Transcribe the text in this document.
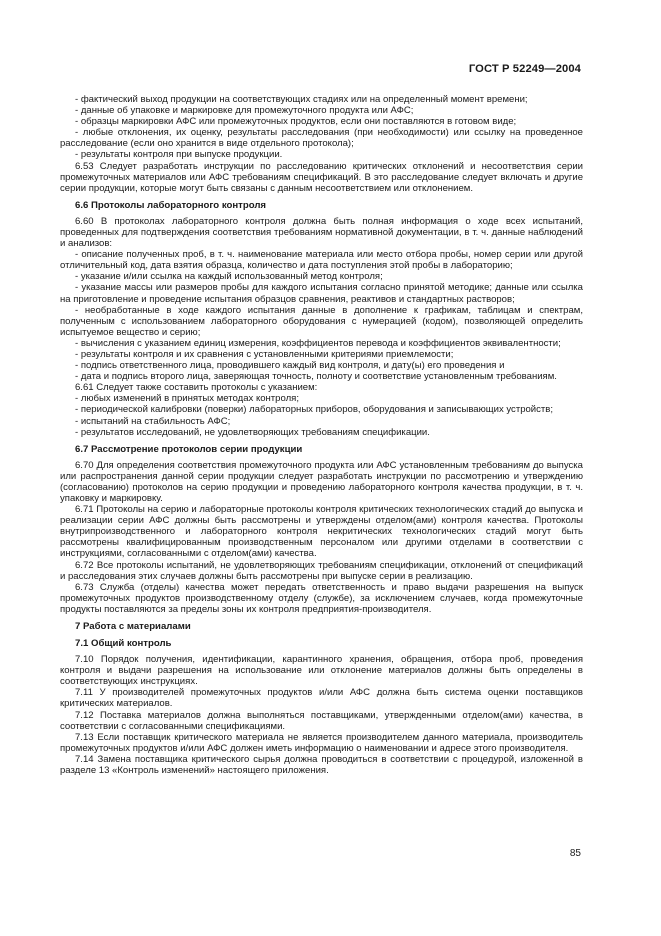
ГОСТ Р 52249—2004

- фактический выход продукции на соответствующих стадиях или на определенный момент времени;

- данные об упаковке и маркировке для промежуточного продукта или АФС;

- образцы маркировки АФС или промежуточных продуктов, если они поставляются в готовом виде;

- любые отклонения, их оценку, результаты расследования (при необходимости) или ссылку на проведенное расследование (если оно хранится в виде отдельного протокола);

- результаты контроля при выпуске продукции.

6.53 Следует разработать инструкции по расследованию критических отклонений и несоответствия серии промежуточных материалов или АФС требованиям спецификаций. В это расследование следует включать и другие серии продукции, которые могут быть связаны с данным несоответствием или отклонением.

6.6 Протоколы лабораторного контроля

6.60 В протоколах лабораторного контроля должна быть полная информация о ходе всех испытаний, проведенных для подтверждения соответствия требованиям нормативной документации, в т. ч. данные наблюдений и анализов:

- описание полученных проб, в т. ч. наименование материала или место отбора пробы, номер серии или другой отличительный код, дата взятия образца, количество и дата поступления этой пробы в лабораторию;

- указание и/или ссылка на каждый использованный метод контроля;

- указание массы или размеров пробы для каждого испытания согласно принятой методике; данные или ссылка на приготовление и проведение испытания образцов сравнения, реактивов и стандартных растворов;

- необработанные в ходе каждого испытания данные в дополнение к графикам, таблицам и спектрам, полученным с использованием лабораторного оборудования с нумерацией (кодом), позволяющей определить испытуемое вещество и серию;

- вычисления с указанием единиц измерения, коэффициентов перевода и коэффициентов эквивалентности;

- результаты контроля и их сравнения с установленными критериями приемлемости;

- подпись ответственного лица, проводившего каждый вид контроля, и дату(ы) его проведения и

- дата и подпись второго лица, заверяющая точность, полноту и соответствие установленным требованиям.

6.61 Следует также составить протоколы с указанием:

- любых изменений в принятых методах контроля;

- периодической калибровки (поверки) лабораторных приборов, оборудования и записывающих устройств;

- испытаний на стабильность АФС;

- результатов исследований, не удовлетворяющих требованиям спецификации.

6.7 Рассмотрение протоколов серии продукции

6.70 Для определения соответствия промежуточного продукта или АФС установленным требованиям до выпуска или распространения данной серии продукции следует разработать инструкции по рассмотрению и утверждению (согласованию) протоколов на серию продукции и проведению лабораторного контроля качества продукции, в т. ч. упаковку и маркировку.

6.71 Протоколы на серию и лабораторные протоколы контроля критических технологических стадий до выпуска и реализации серии АФС должны быть рассмотрены и утверждены отделом(ами) контроля качества. Протоколы внутрипроизводственного и лабораторного контроля некритических технологических стадий могут быть рассмотрены квалифицированным производственным персоналом или другими отделами в соответствии с инструкциями, согласованными с отделом(ами) качества.

6.72 Все протоколы испытаний, не удовлетворяющих требованиям спецификации, отклонений от спецификаций и расследования этих случаев должны быть рассмотрены при выпуске серии в реализацию.

6.73 Служба (отделы) качества может передать ответственность и право выдачи разрешения на выпуск промежуточных продуктов производственному отделу (службе), за исключением случаев, когда промежуточные продукты поставляются за пределы зоны их контроля предприятия-производителя.

7 Работа с материалами
7.1 Общий контроль

7.10 Порядок получения, идентификации, карантинного хранения, обращения, отбора проб, проведения контроля и выдачи разрешения на использование или отклонение материалов должны быть определены в соответствующих инструкциях.

7.11 У производителей промежуточных продуктов и/или АФС должна быть система оценки поставщиков критических материалов.

7.12 Поставка материалов должна выполняться поставщиками, утвержденными отделом(ами) качества, в соответствии с согласованными спецификациями.

7.13 Если поставщик критического материала не является производителем данного материала, производитель промежуточных продуктов и/или АФС должен иметь информацию о наименовании и адресе этого производителя.

7.14 Замена поставщика критического сырья должна проводиться в соответствии с процедурой, изложенной в разделе 13 «Контроль изменений» настоящего приложения.

85
